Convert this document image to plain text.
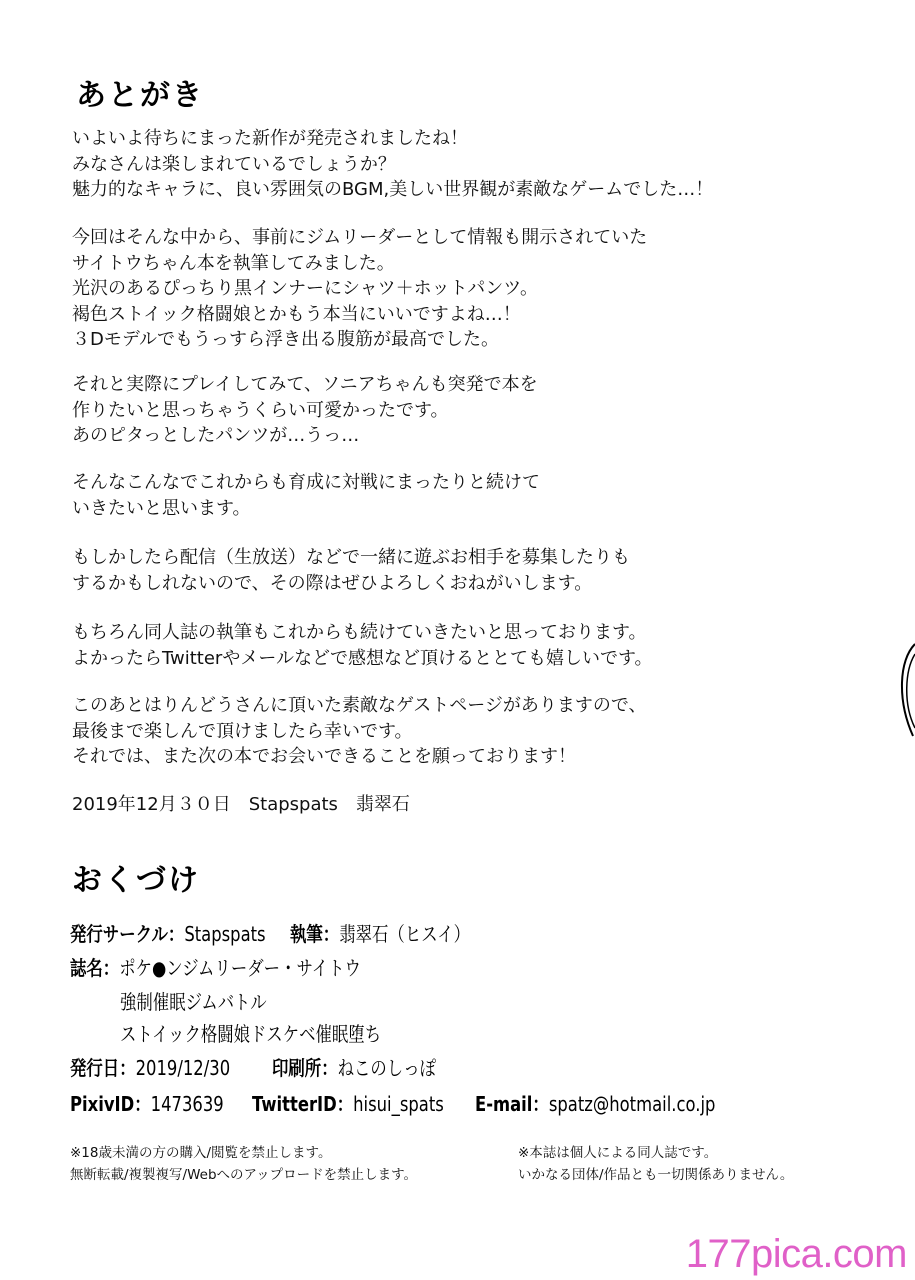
あとがき

いよいよ待ちにまった新作が発売されましたね！
みなさんは楽しまれているでしょうか？
魅力的なキャラに、良い雰囲気のBGM,美しい世界観が素敵なゲームでした…！

今回はそんな中から、事前にジムリーダーとして情報も開示されていた
サイトウちゃん本を執筆してみました。
光沢のあるぴっちり黒インナーにシャツ＋ホットパンツ。
褐色ストイック格闘娘とかもう本当にいいですよね…！
３Dモデルでもうっすら浮き出る腹筋が最高でした。

それと実際にプレイしてみて、ソニアちゃんも突発で本を
作りたいと思っちゃうくらい可愛かったです。
あのピタっとしたパンツが…うっ…

そんなこんなでこれからも育成に対戦にまったりと続けて
いきたいと思います。

もしかしたら配信（生放送）などで一緒に遊ぶお相手を募集したりも
するかもしれないので、その際はぜひよろしくおねがいします。

もちろん同人誌の執筆もこれからも続けていきたいと思っております。
よかったらTwitterやメールなどで感想など頂けるととても嬉しいです。

このあとはりんどうさんに頂いた素敵なゲストページがありますので、
最後まで楽しんで頂けましたら幸いです。
それでは、また次の本でお会いできることを願っております！

2019年12月３０日　Stapspats　翡翠石

おくづけ
発行サークル：Stapspats 執筆：翡翠石（ヒスイ）
誌名：ポケ●ンジムリーダー・サイトウ
強制催眠ジムバトル
ストイック格闘娘ドスケベ催眠堕ち
発行日：2019/12/30 印刷所：ねこのしっぽ
PixivID：1473639 TwitterID：hisui_spats E-mail：spatz@hotmail.co.jp
※18歳未満の方の購入/閲覧を禁止します。
無断転載/複製複写/Webへのアップロードを禁止します。
※本誌は個人による同人誌です。
いかなる団体/作品とも一切関係ありません。
177pica.com
